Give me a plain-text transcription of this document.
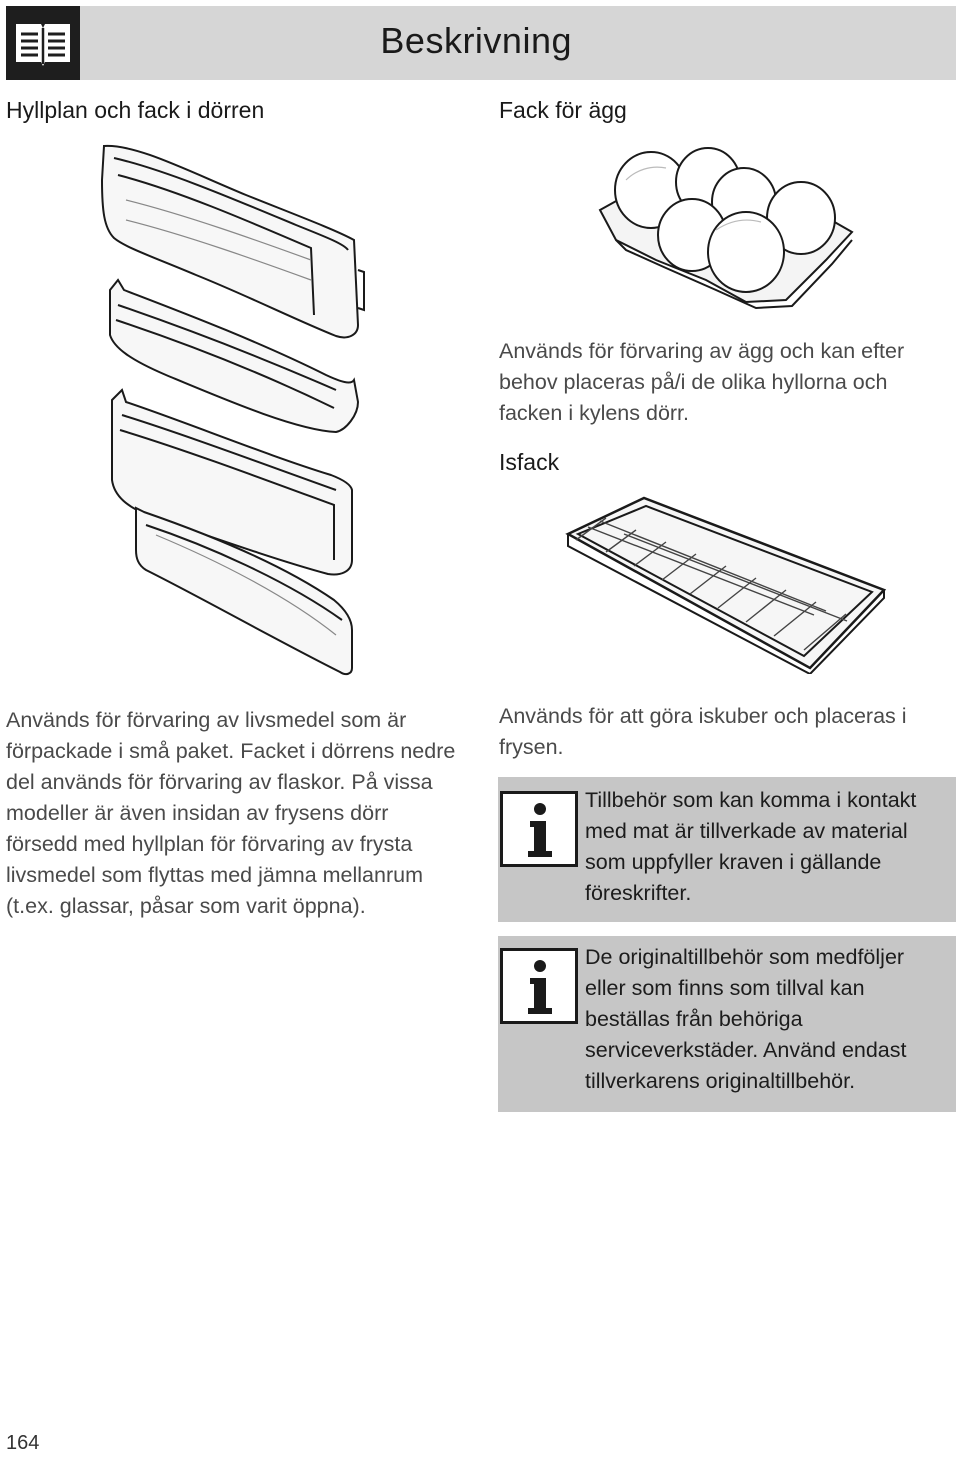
Beskrivning
Hyllplan och fack i dörren
Används för förvaring av livsmedel som är förpackade i små paket. Facket i dörrens nedre del används för förvaring av flaskor. På vissa modeller är även insidan av frysens dörr försedd med hyllplan för förvaring av frysta livsmedel som flyttas med jämna mellanrum (t.ex. glassar, påsar som varit öppna).
Fack för ägg
Används för förvaring av ägg och kan efter behov placeras på/i de olika hyllorna och facken i kylens dörr.
Isfack
Används för att göra iskuber och placeras i frysen.
Tillbehör som kan komma i kontakt med mat är tillverkade av material som uppfyller kraven i gällande föreskrifter.
De originaltillbehör som medföljer eller som finns som tillval kan beställas från behöriga serviceverkstäder. Använd endast tillverkarens originaltillbehör.
164
